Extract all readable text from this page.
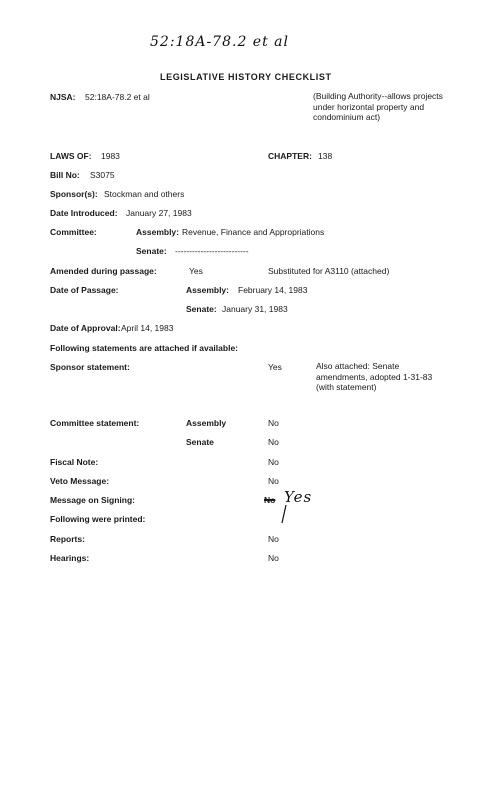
52:18A-78.2 et al
LEGISLATIVE HISTORY CHECKLIST
NJSA: 52:18A-78.2 et al	(Building Authority--allows projects under horizontal property and condominium act)
LAWS OF: 1983	CHAPTER: 138
Bill No: S3075
Sponsor(s): Stockman and others
Date Introduced: January 27, 1983
Committee:	Assembly: Revenue, Finance and Appropriations
Senate: --------------------------
Amended during passage:	Yes	Substituted for A3110 (attached)
Date of Passage:	Assembly: February 14, 1983
Senate: January 31, 1983
Date of Approval: April 14, 1983
Following statements are attached if available:
Sponsor statement:	Yes	Also attached: Senate amendments, adopted 1-31-83 (with statement)
Committee statement:	Assembly	No
Senate	No
Fiscal Note:	No
Veto Message:	No
Message on Signing:	No Yes
Following were printed:
Reports:	No
Hearings:	No
